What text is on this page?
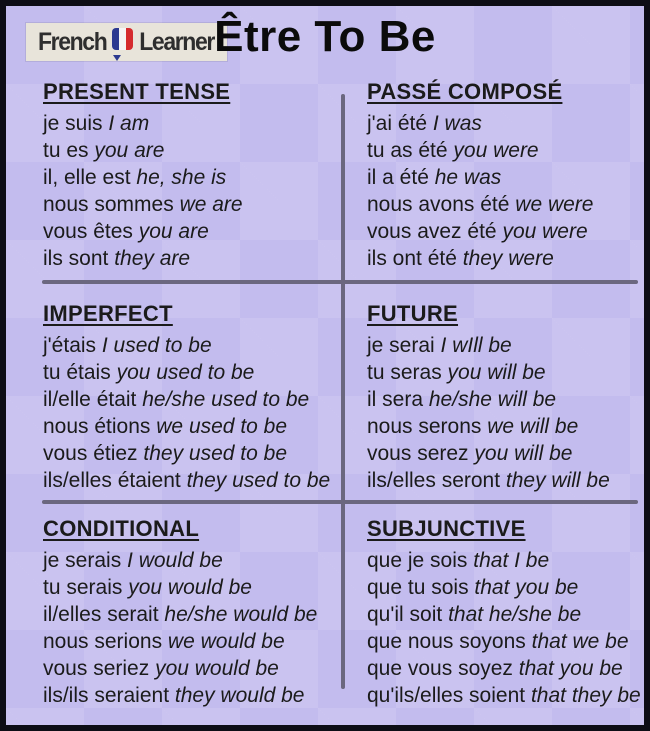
French Learner Être To Be
PRESENT TENSE
je suis I am
tu es you are
il, elle est he, she is
nous sommes we are
vous êtes you are
ils sont they are
PASSÉ COMPOSÉ
j'ai été I was
tu as été you were
il a été he was
nous avons été we were
vous avez été you were
ils ont été they were
IMPERFECT
j'étais I used to be
tu étais you used to be
il/elle était he/she used to be
nous étions we used to be
vous étiez they used to be
ils/elles étaient they used to be
FUTURE
je serai I wIll be
tu seras you will be
il sera he/she will be
nous serons we will be
vous serez you will be
ils/elles seront they will be
CONDITIONAL
je serais I would be
tu serais you would be
il/elles serait he/she would be
nous serions we would be
vous seriez you would be
ils/ils seraient they would be
SUBJUNCTIVE
que je sois that I be
que tu sois that you be
qu'il soit that he/she be
que nous soyons that we be
que vous soyez that you be
qu'ils/elles soient that they be
